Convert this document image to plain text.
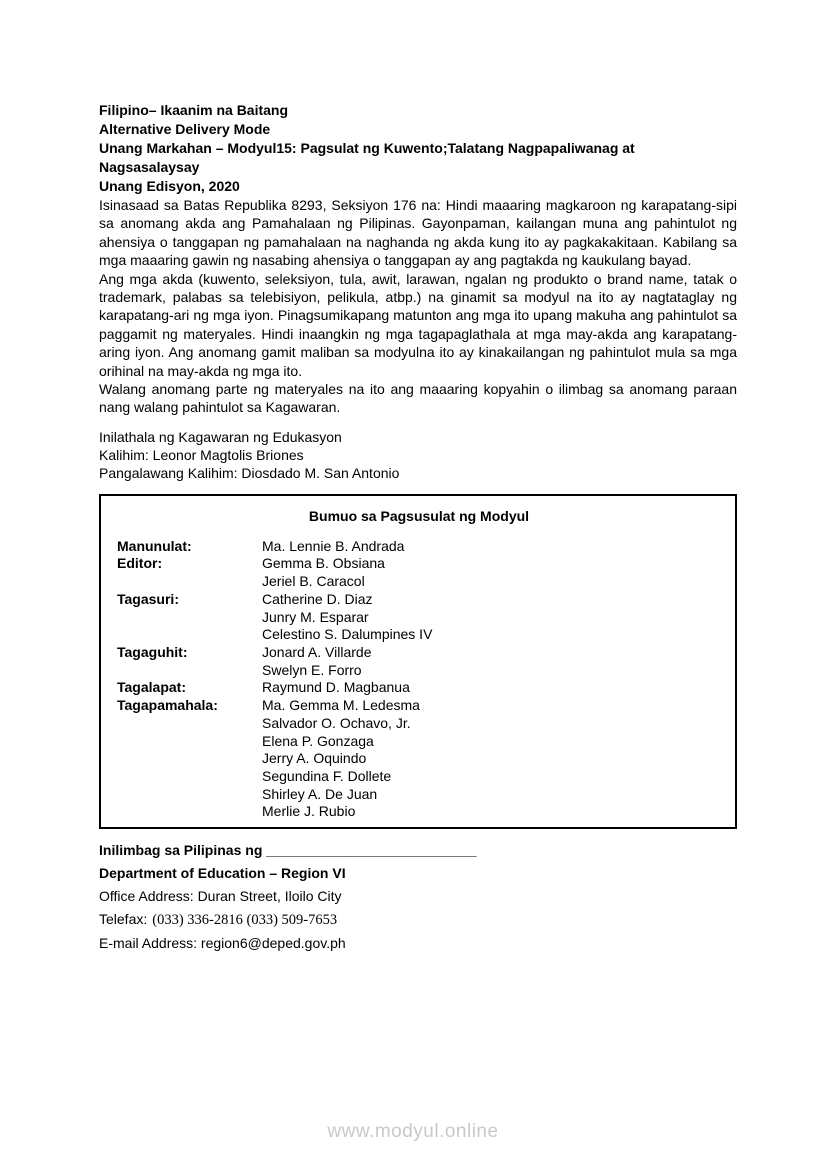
Filipino– Ikaanim na Baitang
Alternative Delivery Mode
Unang Markahan – Modyul15: Pagsulat ng Kuwento;Talatang Nagpapaliwanag at Nagsasalaysay
Unang Edisyon, 2020

Isinasaad sa Batas Republika 8293, Seksiyon 176 na: Hindi maaaring magkaroon ng karapatang-sipi sa anomang akda ang Pamahalaan ng Pilipinas. Gayonpaman, kailangan muna ang pahintulot ng ahensiya o tanggapan ng pamahalaan na naghanda ng akda kung ito ay pagkakakitaan. Kabilang sa mga maaaring gawin ng nasabing ahensiya o tanggapan ay ang pagtakda ng kaukulang bayad.

Ang mga akda (kuwento, seleksiyon, tula, awit, larawan, ngalan ng produkto o brand name, tatak o trademark, palabas sa telebisiyon, pelikula, atbp.) na ginamit sa modyul na ito ay nagtataglay ng karapatang-ari ng mga iyon. Pinagsumikapang matunton ang mga ito upang makuha ang pahintulot sa paggamit ng materyales. Hindi inaangkin ng mga tagapaglathala at mga may-akda ang karapatang-aring iyon. Ang anomang gamit maliban sa modyulna ito ay kinakailangan ng pahintulot mula sa mga orihinal na may-akda ng mga ito.

Walang anomang parte ng materyales na ito ang maaaring kopyahin o ilimbag sa anomang paraan nang walang pahintulot sa Kagawaran.

Inilathala ng Kagawaran ng Edukasyon
Kalihim: Leonor Magtolis Briones
Pangalawang Kalihim: Diosdado M. San Antonio
Bumuo sa Pagsusulat ng Modyul
Manunulat:	Ma. Lennie B. Andrada
Editor:	Gemma B. Obsiana
Jeriel B. Caracol
Tagasuri:	Catherine D. Diaz
Junry M. Esparar
Celestino S. Dalumpines IV
Tagaguhit:	Jonard A. Villarde
Swelyn E. Forro
Tagalapat:	Raymund D. Magbanua
Tagapamahala:	Ma. Gemma M. Ledesma
Salvador O. Ochavo, Jr.
Elena P. Gonzaga
Jerry A. Oquindo
Segundina F. Dollete
Shirley A. De Juan
Merlie J. Rubio
Inilimbag sa Pilipinas ng ___________________________
Department of Education – Region VI
Office Address: Duran Street, Iloilo City
Telefax: (033) 336-2816 (033) 509-7653
E-mail Address: region6@deped.gov.ph
www.modyul.online
